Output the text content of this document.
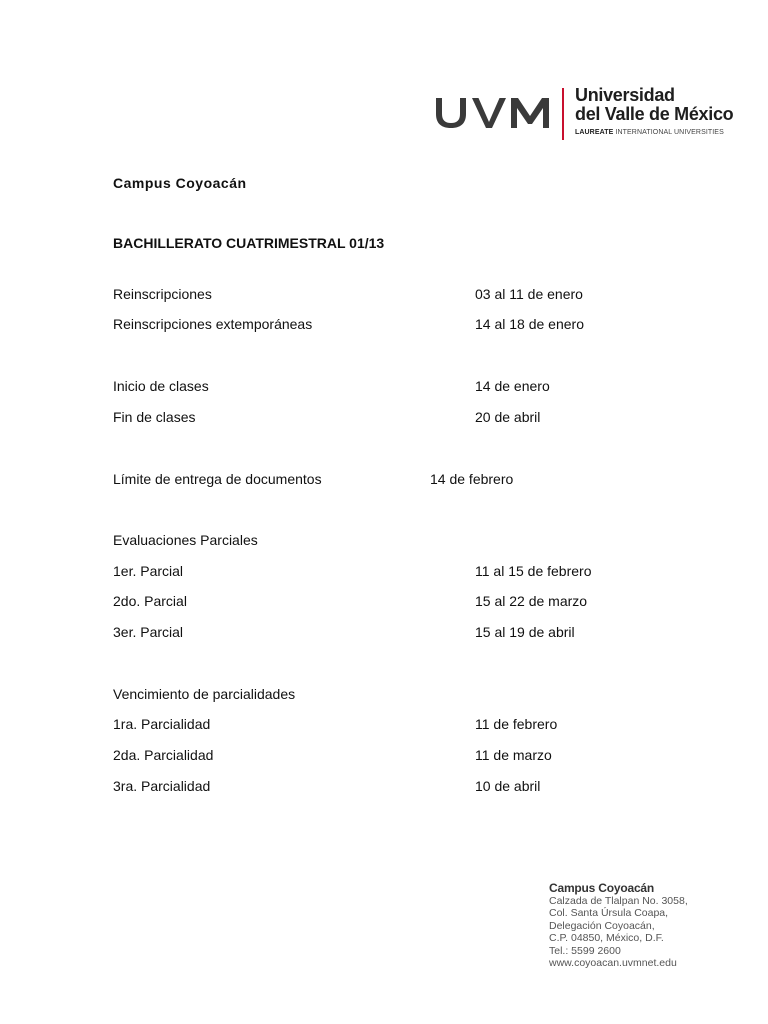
Universidad
del Valle de México
LAUREATE INTERNATIONAL UNIVERSITIES
Campus Coyoacán
BACHILLERATO CUATRIMESTRAL 01/13
Reinscripciones	03 al 11 de enero
Reinscripciones extemporáneas	14 al 18 de enero
Inicio de clases	14 de enero
Fin de clases	20 de abril
Límite de entrega de documentos	14 de febrero
Evaluaciones Parciales
1er. Parcial	11 al 15 de febrero
2do. Parcial	15 al 22 de marzo
3er. Parcial	15 al 19 de abril
Vencimiento de parcialidades
1ra. Parcialidad	11 de febrero
2da. Parcialidad	11 de marzo
3ra. Parcialidad	10 de abril
Campus Coyoacán
Calzada de Tlalpan No. 3058,
Col. Santa Úrsula Coapa,
Delegación Coyoacán,
C.P. 04850, México, D.F.
Tel.: 5599 2600
www.coyoacan.uvmnet.edu
